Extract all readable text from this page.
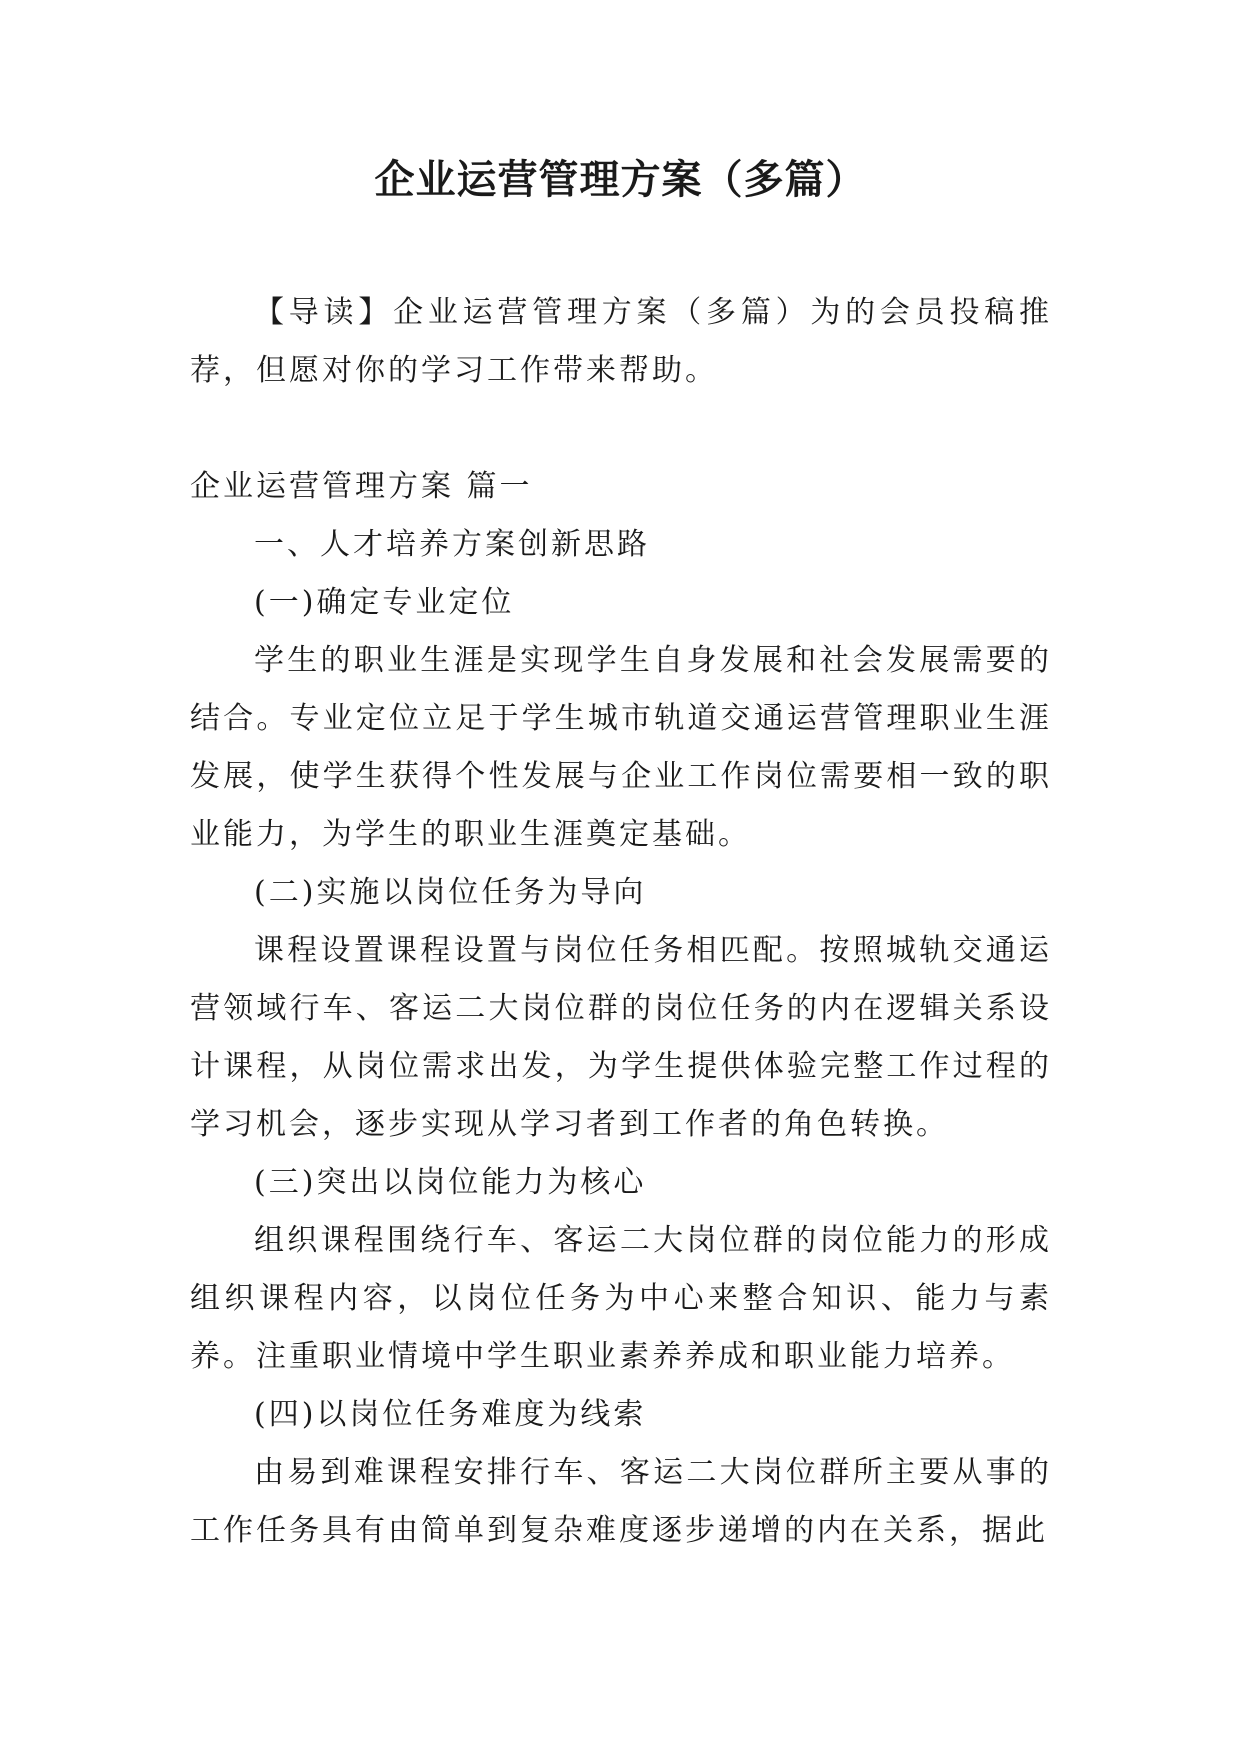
企业运营管理方案（多篇）

【导读】企业运营管理方案（多篇）为的会员投稿推荐，但愿对你的学习工作带来帮助。

企业运营管理方案 篇一

一、人才培养方案创新思路

(一)确定专业定位

学生的职业生涯是实现学生自身发展和社会发展需要的结合。专业定位立足于学生城市轨道交通运营管理职业生涯发展，使学生获得个性发展与企业工作岗位需要相一致的职业能力，为学生的职业生涯奠定基础。

(二)实施以岗位任务为导向

课程设置课程设置与岗位任务相匹配。按照城轨交通运营领域行车、客运二大岗位群的岗位任务的内在逻辑关系设计课程，从岗位需求出发，为学生提供体验完整工作过程的学习机会，逐步实现从学习者到工作者的角色转换。

(三)突出以岗位能力为核心

组织课程围绕行车、客运二大岗位群的岗位能力的形成组织课程内容，以岗位任务为中心来整合知识、能力与素养。注重职业情境中学生职业素养养成和职业能力培养。

(四)以岗位任务难度为线索

由易到难课程安排行车、客运二大岗位群所主要从事的工作任务具有由简单到复杂难度逐步递增的内在关系，据此
